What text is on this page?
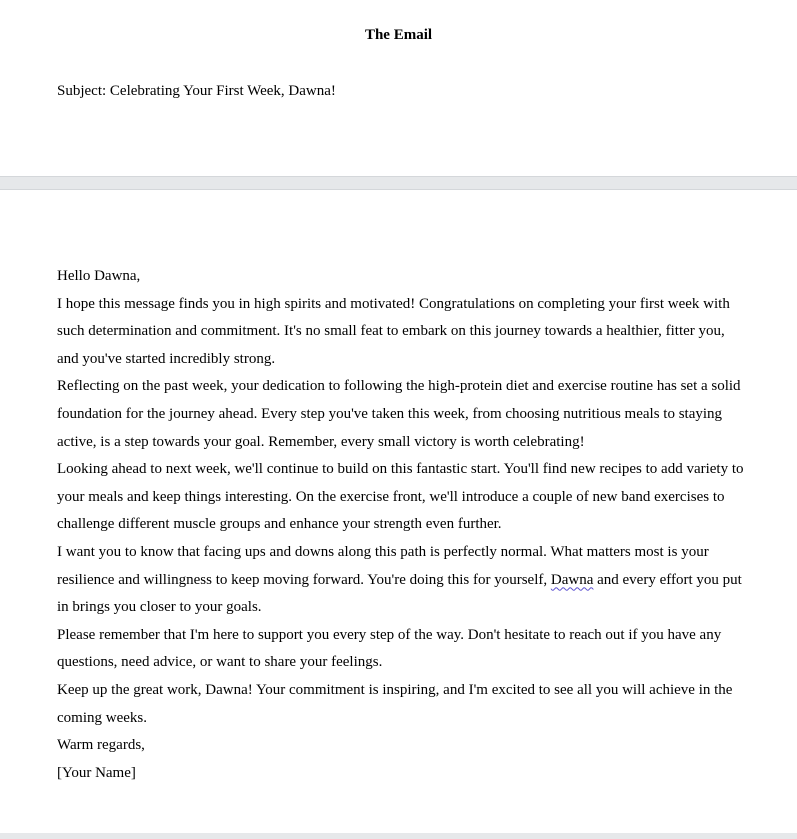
The Email
Subject: Celebrating Your First Week, Dawna!

Hello Dawna,

I hope this message finds you in high spirits and motivated! Congratulations on completing your first week with such determination and commitment. It's no small feat to embark on this journey towards a healthier, fitter you, and you've started incredibly strong.

Reflecting on the past week, your dedication to following the high-protein diet and exercise routine has set a solid foundation for the journey ahead. Every step you've taken this week, from choosing nutritious meals to staying active, is a step towards your goal. Remember, every small victory is worth celebrating!

Looking ahead to next week, we'll continue to build on this fantastic start. You'll find new recipes to add variety to your meals and keep things interesting. On the exercise front, we'll introduce a couple of new band exercises to challenge different muscle groups and enhance your strength even further.

I want you to know that facing ups and downs along this path is perfectly normal. What matters most is your resilience and willingness to keep moving forward. You're doing this for yourself, Dawna and every effort you put in brings you closer to your goals.

Please remember that I'm here to support you every step of the way. Don't hesitate to reach out if you have any questions, need advice, or want to share your feelings.

Keep up the great work, Dawna! Your commitment is inspiring, and I'm excited to see all you will achieve in the coming weeks.

Warm regards,

[Your Name]
